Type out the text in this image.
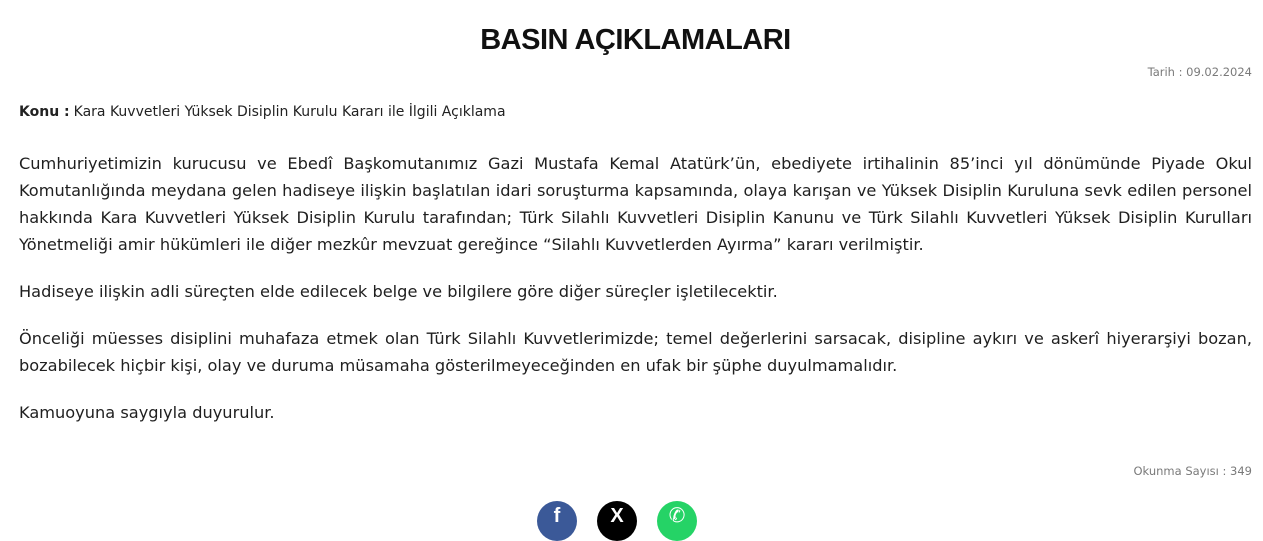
BASIN AÇIKLAMALARI
Tarih : 09.02.2024
Konu : Kara Kuvvetleri Yüksek Disiplin Kurulu Kararı ile İlgili Açıklama

Cumhuriyetimizin kurucusu ve Ebedî Başkomutanımız Gazi Mustafa Kemal Atatürk’ün, ebediyete irtihalinin 85’inci yıl dönümünde Piyade Okul Komutanlığında meydana gelen hadiseye ilişkin başlatılan idari soruşturma kapsamında, olaya karışan ve Yüksek Disiplin Kuruluna sevk edilen personel hakkında Kara Kuvvetleri Yüksek Disiplin Kurulu tarafından; Türk Silahlı Kuvvetleri Disiplin Kanunu ve Türk Silahlı Kuvvetleri Yüksek Disiplin Kurulları Yönetmeliği amir hükümleri ile diğer mezkûr mevzuat gereğince “Silahlı Kuvvetlerden Ayırma” kararı verilmiştir.

Hadiseye ilişkin adli süreçten elde edilecek belge ve bilgilere göre diğer süreçler işletilecektir.

Önceliği müesses disiplini muhafaza etmek olan Türk Silahlı Kuvvetlerimizde; temel değerlerini sarsacak, disipline aykırı ve askerî hiyerarşiyi bozan, bozabilecek hiçbir kişi, olay ve duruma müsamaha gösterilmeyeceğinden en ufak bir şüphe duyulmamalıdır.

Kamuoyuna saygıyla duyurulur.

Okunma Sayısı : 349
f	X ✆
